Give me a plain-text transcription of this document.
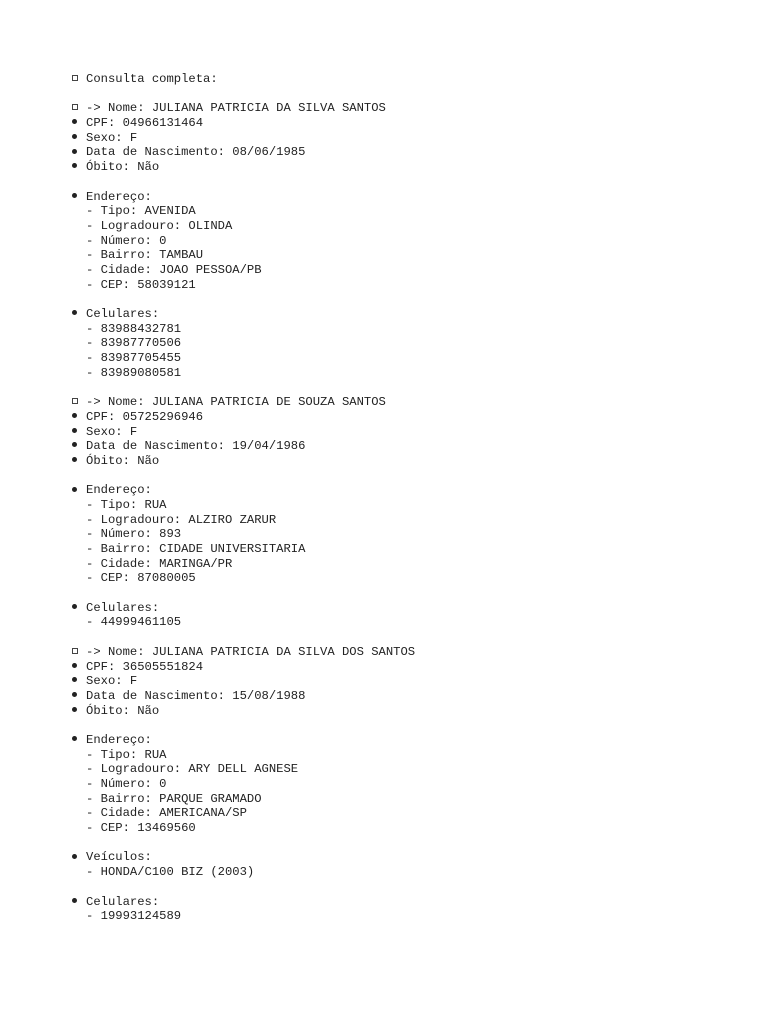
Consulta completa:
-> Nome: JULIANA PATRICIA DA SILVA SANTOS
CPF: 04966131464
Sexo: F
Data de Nascimento: 08/06/1985
Óbito: Não
Endereço:
- Tipo: AVENIDA
- Logradouro: OLINDA
- Número: 0
- Bairro: TAMBAU
- Cidade: JOAO PESSOA/PB
- CEP: 58039121
Celulares:
- 83988432781
- 83987770506
- 83987705455
- 83989080581
-> Nome: JULIANA PATRICIA DE SOUZA SANTOS
CPF: 05725296946
Sexo: F
Data de Nascimento: 19/04/1986
Óbito: Não
Endereço:
- Tipo: RUA
- Logradouro: ALZIRO ZARUR
- Número: 893
- Bairro: CIDADE UNIVERSITARIA
- Cidade: MARINGA/PR
- CEP: 87080005
Celulares:
- 44999461105
-> Nome: JULIANA PATRICIA DA SILVA DOS SANTOS
CPF: 36505551824
Sexo: F
Data de Nascimento: 15/08/1988
Óbito: Não
Endereço:
- Tipo: RUA
- Logradouro: ARY DELL AGNESE
- Número: 0
- Bairro: PARQUE GRAMADO
- Cidade: AMERICANA/SP
- CEP: 13469560
Veículos:
- HONDA/C100 BIZ (2003)
Celulares:
- 19993124589
